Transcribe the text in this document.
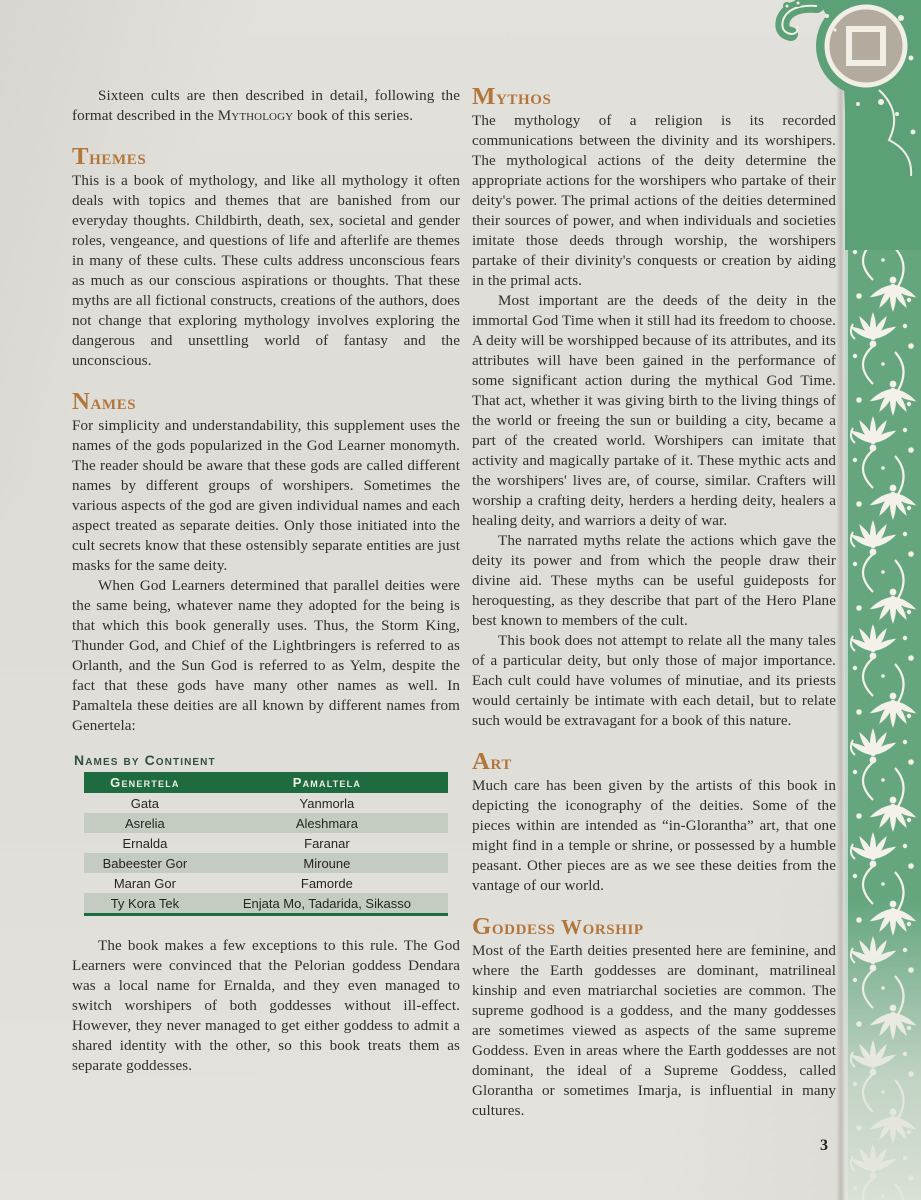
Sixteen cults are then described in detail, following the format described in the Mythology book of this series.

Themes

This is a book of mythology, and like all mythology it often deals with topics and themes that are banished from our everyday thoughts. Childbirth, death, sex, societal and gender roles, vengeance, and questions of life and afterlife are themes in many of these cults. These cults address unconscious fears as much as our conscious aspirations or thoughts. That these myths are all fictional constructs, creations of the authors, does not change that exploring mythology involves exploring the dangerous and unsettling world of fantasy and the unconscious.

Names

For simplicity and understandability, this supplement uses the names of the gods popularized in the God Learner monomyth. The reader should be aware that these gods are called different names by different groups of worshipers. Sometimes the various aspects of the god are given individual names and each aspect treated as separate deities. Only those initiated into the cult secrets know that these ostensibly separate entities are just masks for the same deity.

When God Learners determined that parallel deities were the same being, whatever name they adopted for the being is that which this book generally uses. Thus, the Storm King, Thunder God, and Chief of the Lightbringers is referred to as Orlanth, and the Sun God is referred to as Yelm, despite the fact that these gods have many other names as well. In Pamaltela these deities are all known by different names from Genertela:

Names by Continent
Genertela	Pamaltela
Gata	Yanmorla
Asrelia	Aleshmara
Ernalda	Faranar
Babeester Gor	Miroune
Maran Gor	Famorde
Ty Kora Tek	Enjata Mo, Tadarida, Sikasso

The book makes a few exceptions to this rule. The God Learners were convinced that the Pelorian goddess Dendara was a local name for Ernalda, and they even managed to switch worshipers of both goddesses without ill-effect. However, they never managed to get either goddess to admit a shared identity with the other, so this book treats them as separate goddesses.

Mythos

The mythology of a religion is its recorded communications between the divinity and its worshipers. The mythological actions of the deity determine the appropriate actions for the worshipers who partake of their deity's power. The primal actions of the deities determined their sources of power, and when individuals and societies imitate those deeds through worship, the worshipers partake of their divinity's conquests or creation by aiding in the primal acts.

Most important are the deeds of the deity in the immortal God Time when it still had its freedom to choose. A deity will be worshipped because of its attributes, and its attributes will have been gained in the performance of some significant action during the mythical God Time. That act, whether it was giving birth to the living things of the world or freeing the sun or building a city, became a part of the created world. Worshipers can imitate that activity and magically partake of it. These mythic acts and the worshipers' lives are, of course, similar. Crafters will worship a crafting deity, herders a herding deity, healers a healing deity, and warriors a deity of war.

The narrated myths relate the actions which gave the deity its power and from which the people draw their divine aid. These myths can be useful guideposts for heroquesting, as they describe that part of the Hero Plane best known to members of the cult.

This book does not attempt to relate all the many tales of a particular deity, but only those of major importance. Each cult could have volumes of minutiae, and its priests would certainly be intimate with each detail, but to relate such would be extravagant for a book of this nature.

Art

Much care has been given by the artists of this book in depicting the iconography of the deities. Some of the pieces within are intended as “in-Glorantha” art, that one might find in a temple or shrine, or possessed by a humble peasant. Other pieces are as we see these deities from the vantage of our world.

Goddess Worship

Most of the Earth deities presented here are feminine, and where the Earth goddesses are dominant, matrilineal kinship and even matriarchal societies are common. The supreme godhood is a goddess, and the many goddesses are sometimes viewed as aspects of the same supreme Goddess. Even in areas where the Earth goddesses are not dominant, the ideal of a Supreme Goddess, called Glorantha or sometimes Imarja, is influential in many cultures.

3
